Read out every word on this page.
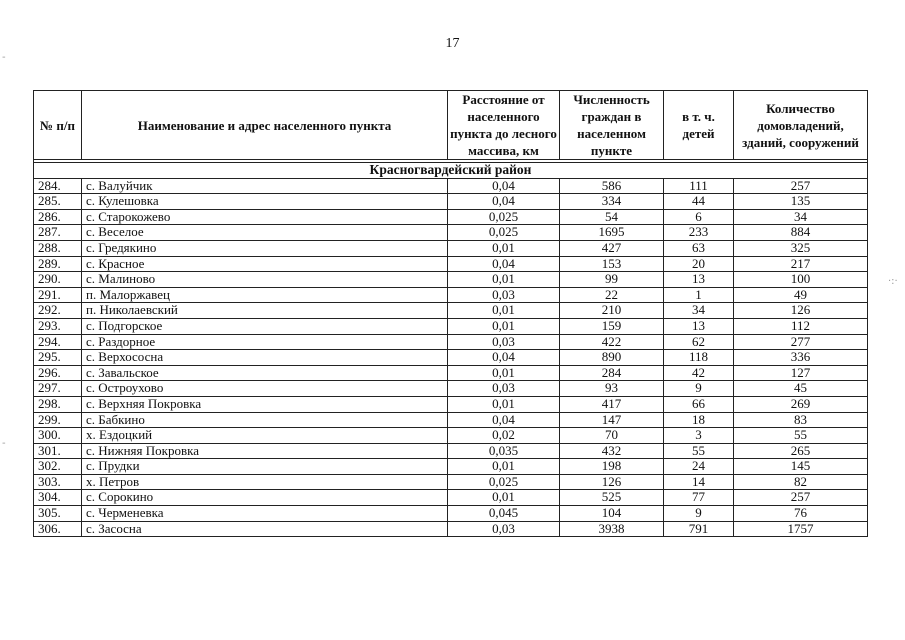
17
·:·
-
-
№ п/п	Наименование и адрес населенного пункта	Расстояние от населенного пункта до лесного массива, км	Численность граждан в населенном пункте	в т. ч. детей	Количество домовладений, зданий, сооружений

Красногвардейский район					
284.	с. Валуйчик	0,04	586	111	257
285.	с. Кулешовка	0,04	334	44	135
286.	с. Старокожево	0,025	54	6	34
287.	с. Веселое	0,025	1695	233	884
288.	с. Гредякино	0,01	427	63	325
289.	с. Красное	0,04	153	20	217
290.	с. Малиново	0,01	99	13	100
291.	п. Малоржавец	0,03	22	1	49
292.	п. Николаевский	0,01	210	34	126
293.	с. Подгорское	0,01	159	13	112
294.	с. Раздорное	0,03	422	62	277
295.	с. Верхососна	0,04	890	118	336
296.	с. Завальское	0,01	284	42	127
297.	с. Остроухово	0,03	93	9	45
298.	с. Верхняя Покровка	0,01	417	66	269
299.	с. Бабкино	0,04	147	18	83
300.	х. Ездоцкий	0,02	70	3	55
301.	с. Нижняя Покровка	0,035	432	55	265
302.	с. Прудки	0,01	198	24	145
303.	х. Петров	0,025	126	14	82
304.	с. Сорокино	0,01	525	77	257
305.	с. Черменевка	0,045	104	9	76
306.	с. Засосна	0,03	3938	791	1757
